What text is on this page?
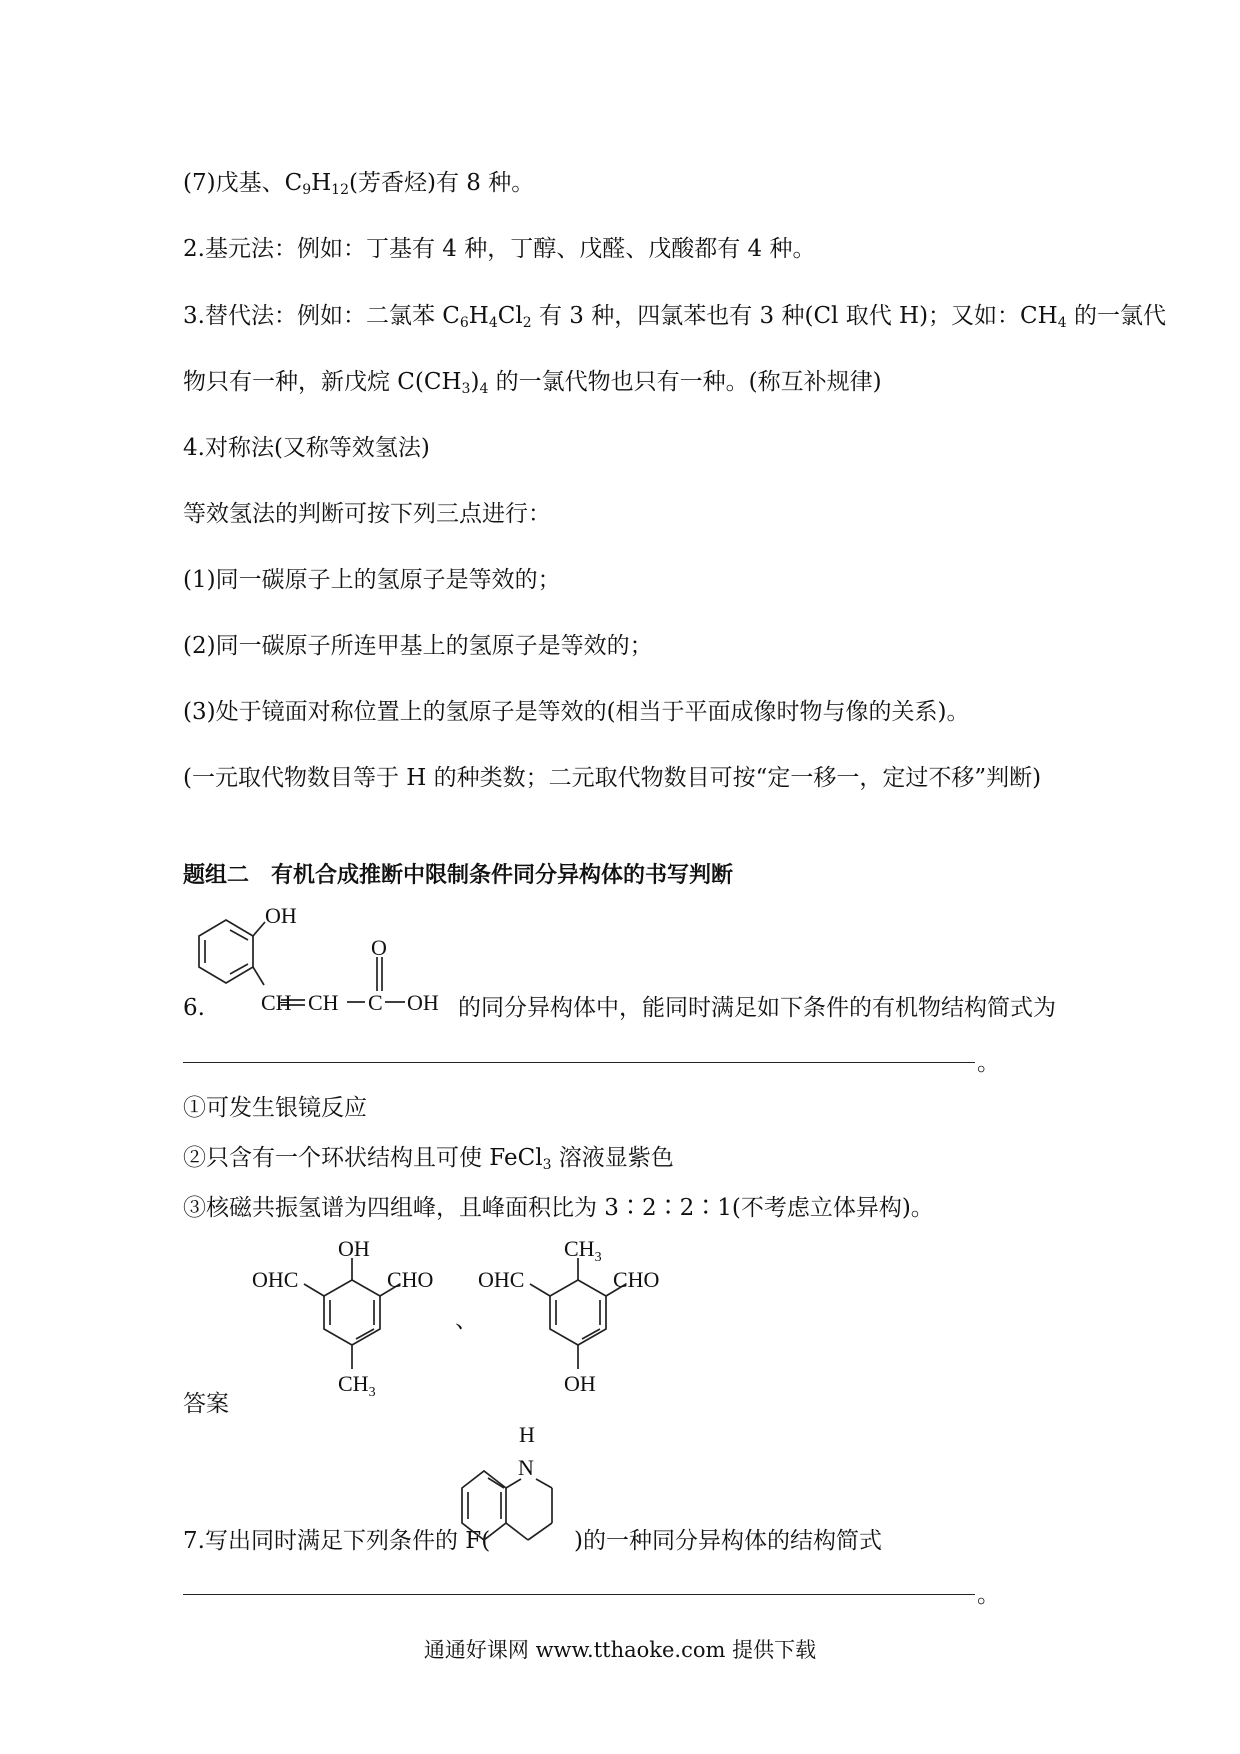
(7)戊基、$C_9H_{12}$(芳香烃)有 8 种。

2.基元法：例如：丁基有 4 种，丁醇、戊醛、戊酸都有 4 种。

3.替代法：例如：二氯苯 $C_6H_4Cl_2$ 有 3 种，四氯苯也有 3 种(Cl 取代 H)；又如：$CH_4$ 的一氯代

物只有一种，新戊烷 $C(CH_3)_4$ 的一氯代物也只有一种。(称互补规律)

4.对称法(又称等效氢法)

等效氢法的判断可按下列三点进行：

(1)同一碳原子上的氢原子是等效的；

(2)同一碳原子所连甲基上的氢原子是等效的；

(3)处于镜面对称位置上的氢原子是等效的(相当于平面成像时物与像的关系)。

(一元取代物数目等于 H 的种类数；二元取代物数目可按“定一移一，定过不移”判断)

题组二　有机合成推断中限制条件同分异构体的书写判断

6.
OH
O
CH CH C OH 的同分异构体中，能同时满足如下条件的有机物结构简式为
。

①可发生银镜反应

②只含有一个环状结构且可使 FeCl$_3$ 溶液显紫色

③核磁共振氢谱为四组峰，且峰面积比为 3∶2∶2∶1(不考虑立体异构)。

OH
OHC	CHO
$CH_3$
、
$CH_3$
OHC	CHO
OH
答案
7.写出同时满足下列条件的 F(
H
N
)的一种同分异构体的结构简式
。
通通好课网 www.tthaoke.com 提供下载
